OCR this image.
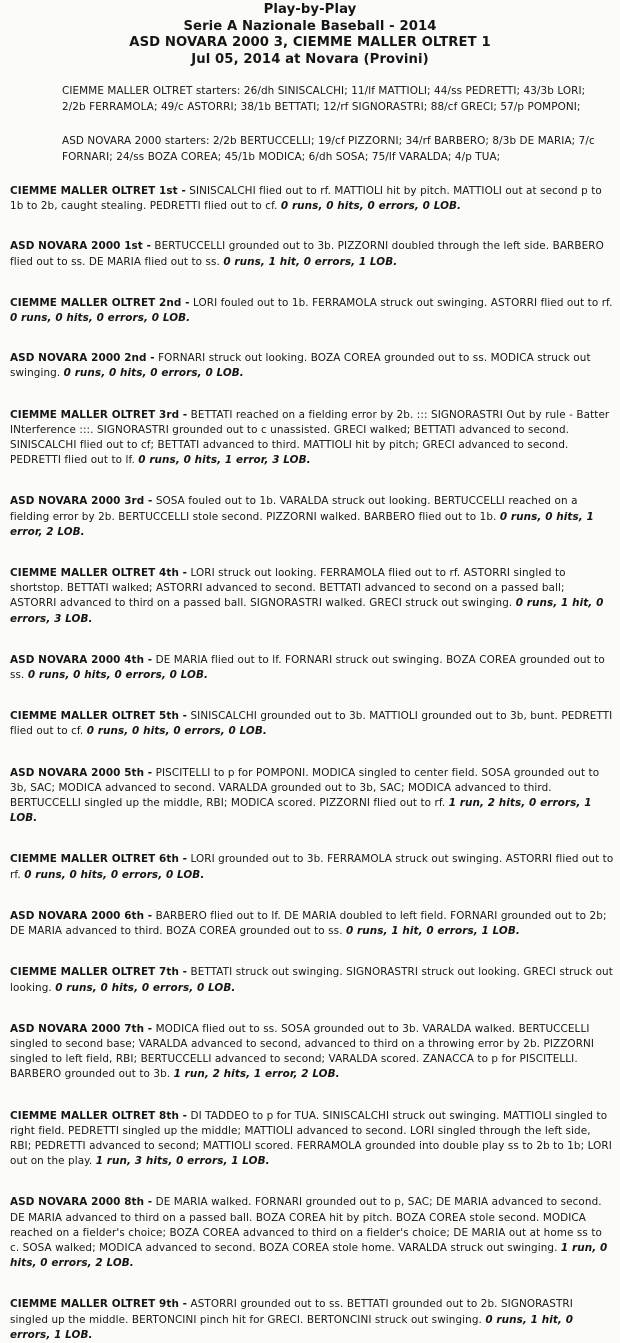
Play-by-Play
Serie A Nazionale Baseball - 2014
ASD NOVARA 2000 3, CIEMME MALLER OLTRET 1
Jul 05, 2014 at Novara (Provini)

CIEMME MALLER OLTRET starters: 26/dh SINISCALCHI; 11/lf MATTIOLI; 44/ss PEDRETTI; 43/3b LORI; 2/2b FERRAMOLA; 49/c ASTORRI; 38/1b BETTATI; 12/rf SIGNORASTRI; 88/cf GRECI; 57/p POMPONI;

ASD NOVARA 2000 starters: 2/2b BERTUCCELLI; 19/cf PIZZORNI; 34/rf BARBERO; 8/3b DE MARIA; 7/c FORNARI; 24/ss BOZA COREA; 45/1b MODICA; 6/dh SOSA; 75/lf VARALDA; 4/p TUA;

CIEMME MALLER OLTRET 1st - SINISCALCHI flied out to rf. MATTIOLI hit by pitch. MATTIOLI out at second p to 1b to 2b, caught stealing. PEDRETTI flied out to cf. 0 runs, 0 hits, 0 errors, 0 LOB.

ASD NOVARA 2000 1st - BERTUCCELLI grounded out to 3b. PIZZORNI doubled through the left side. BARBERO flied out to ss. DE MARIA flied out to ss. 0 runs, 1 hit, 0 errors, 1 LOB.

CIEMME MALLER OLTRET 2nd - LORI fouled out to 1b. FERRAMOLA struck out swinging. ASTORRI flied out to rf. 0 runs, 0 hits, 0 errors, 0 LOB.

ASD NOVARA 2000 2nd - FORNARI struck out looking. BOZA COREA grounded out to ss. MODICA struck out swinging. 0 runs, 0 hits, 0 errors, 0 LOB.

CIEMME MALLER OLTRET 3rd - BETTATI reached on a fielding error by 2b. ::: SIGNORASTRI Out by rule - Batter INterference :::. SIGNORASTRI grounded out to c unassisted. GRECI walked; BETTATI advanced to second. SINISCALCHI flied out to cf; BETTATI advanced to third. MATTIOLI hit by pitch; GRECI advanced to second. PEDRETTI flied out to lf. 0 runs, 0 hits, 1 error, 3 LOB.

ASD NOVARA 2000 3rd - SOSA fouled out to 1b. VARALDA struck out looking. BERTUCCELLI reached on a fielding error by 2b. BERTUCCELLI stole second. PIZZORNI walked. BARBERO flied out to 1b. 0 runs, 0 hits, 1 error, 2 LOB.

CIEMME MALLER OLTRET 4th - LORI struck out looking. FERRAMOLA flied out to rf. ASTORRI singled to shortstop. BETTATI walked; ASTORRI advanced to second. BETTATI advanced to second on a passed ball; ASTORRI advanced to third on a passed ball. SIGNORASTRI walked. GRECI struck out swinging. 0 runs, 1 hit, 0 errors, 3 LOB.

ASD NOVARA 2000 4th - DE MARIA flied out to lf. FORNARI struck out swinging. BOZA COREA grounded out to ss. 0 runs, 0 hits, 0 errors, 0 LOB.

CIEMME MALLER OLTRET 5th - SINISCALCHI grounded out to 3b. MATTIOLI grounded out to 3b, bunt. PEDRETTI flied out to cf. 0 runs, 0 hits, 0 errors, 0 LOB.

ASD NOVARA 2000 5th - PISCITELLI to p for POMPONI. MODICA singled to center field. SOSA grounded out to 3b, SAC; MODICA advanced to second. VARALDA grounded out to 3b, SAC; MODICA advanced to third. BERTUCCELLI singled up the middle, RBI; MODICA scored. PIZZORNI flied out to rf. 1 run, 2 hits, 0 errors, 1 LOB.

CIEMME MALLER OLTRET 6th - LORI grounded out to 3b. FERRAMOLA struck out swinging. ASTORRI flied out to rf. 0 runs, 0 hits, 0 errors, 0 LOB.

ASD NOVARA 2000 6th - BARBERO flied out to lf. DE MARIA doubled to left field. FORNARI grounded out to 2b; DE MARIA advanced to third. BOZA COREA grounded out to ss. 0 runs, 1 hit, 0 errors, 1 LOB.

CIEMME MALLER OLTRET 7th - BETTATI struck out swinging. SIGNORASTRI struck out looking. GRECI struck out looking. 0 runs, 0 hits, 0 errors, 0 LOB.

ASD NOVARA 2000 7th - MODICA flied out to ss. SOSA grounded out to 3b. VARALDA walked. BERTUCCELLI singled to second base; VARALDA advanced to second, advanced to third on a throwing error by 2b. PIZZORNI singled to left field, RBI; BERTUCCELLI advanced to second; VARALDA scored. ZANACCA to p for PISCITELLI. BARBERO grounded out to 3b. 1 run, 2 hits, 1 error, 2 LOB.

CIEMME MALLER OLTRET 8th - DI TADDEO to p for TUA. SINISCALCHI struck out swinging. MATTIOLI singled to right field. PEDRETTI singled up the middle; MATTIOLI advanced to second. LORI singled through the left side, RBI; PEDRETTI advanced to second; MATTIOLI scored. FERRAMOLA grounded into double play ss to 2b to 1b; LORI out on the play. 1 run, 3 hits, 0 errors, 1 LOB.

ASD NOVARA 2000 8th - DE MARIA walked. FORNARI grounded out to p, SAC; DE MARIA advanced to second. DE MARIA advanced to third on a passed ball. BOZA COREA hit by pitch. BOZA COREA stole second. MODICA reached on a fielder's choice; BOZA COREA advanced to third on a fielder's choice; DE MARIA out at home ss to c. SOSA walked; MODICA advanced to second. BOZA COREA stole home. VARALDA struck out swinging. 1 run, 0 hits, 0 errors, 2 LOB.

CIEMME MALLER OLTRET 9th - ASTORRI grounded out to ss. BETTATI grounded out to 2b. SIGNORASTRI singled up the middle. BERTONCINI pinch hit for GRECI. BERTONCINI struck out swinging. 0 runs, 1 hit, 0 errors, 1 LOB.
